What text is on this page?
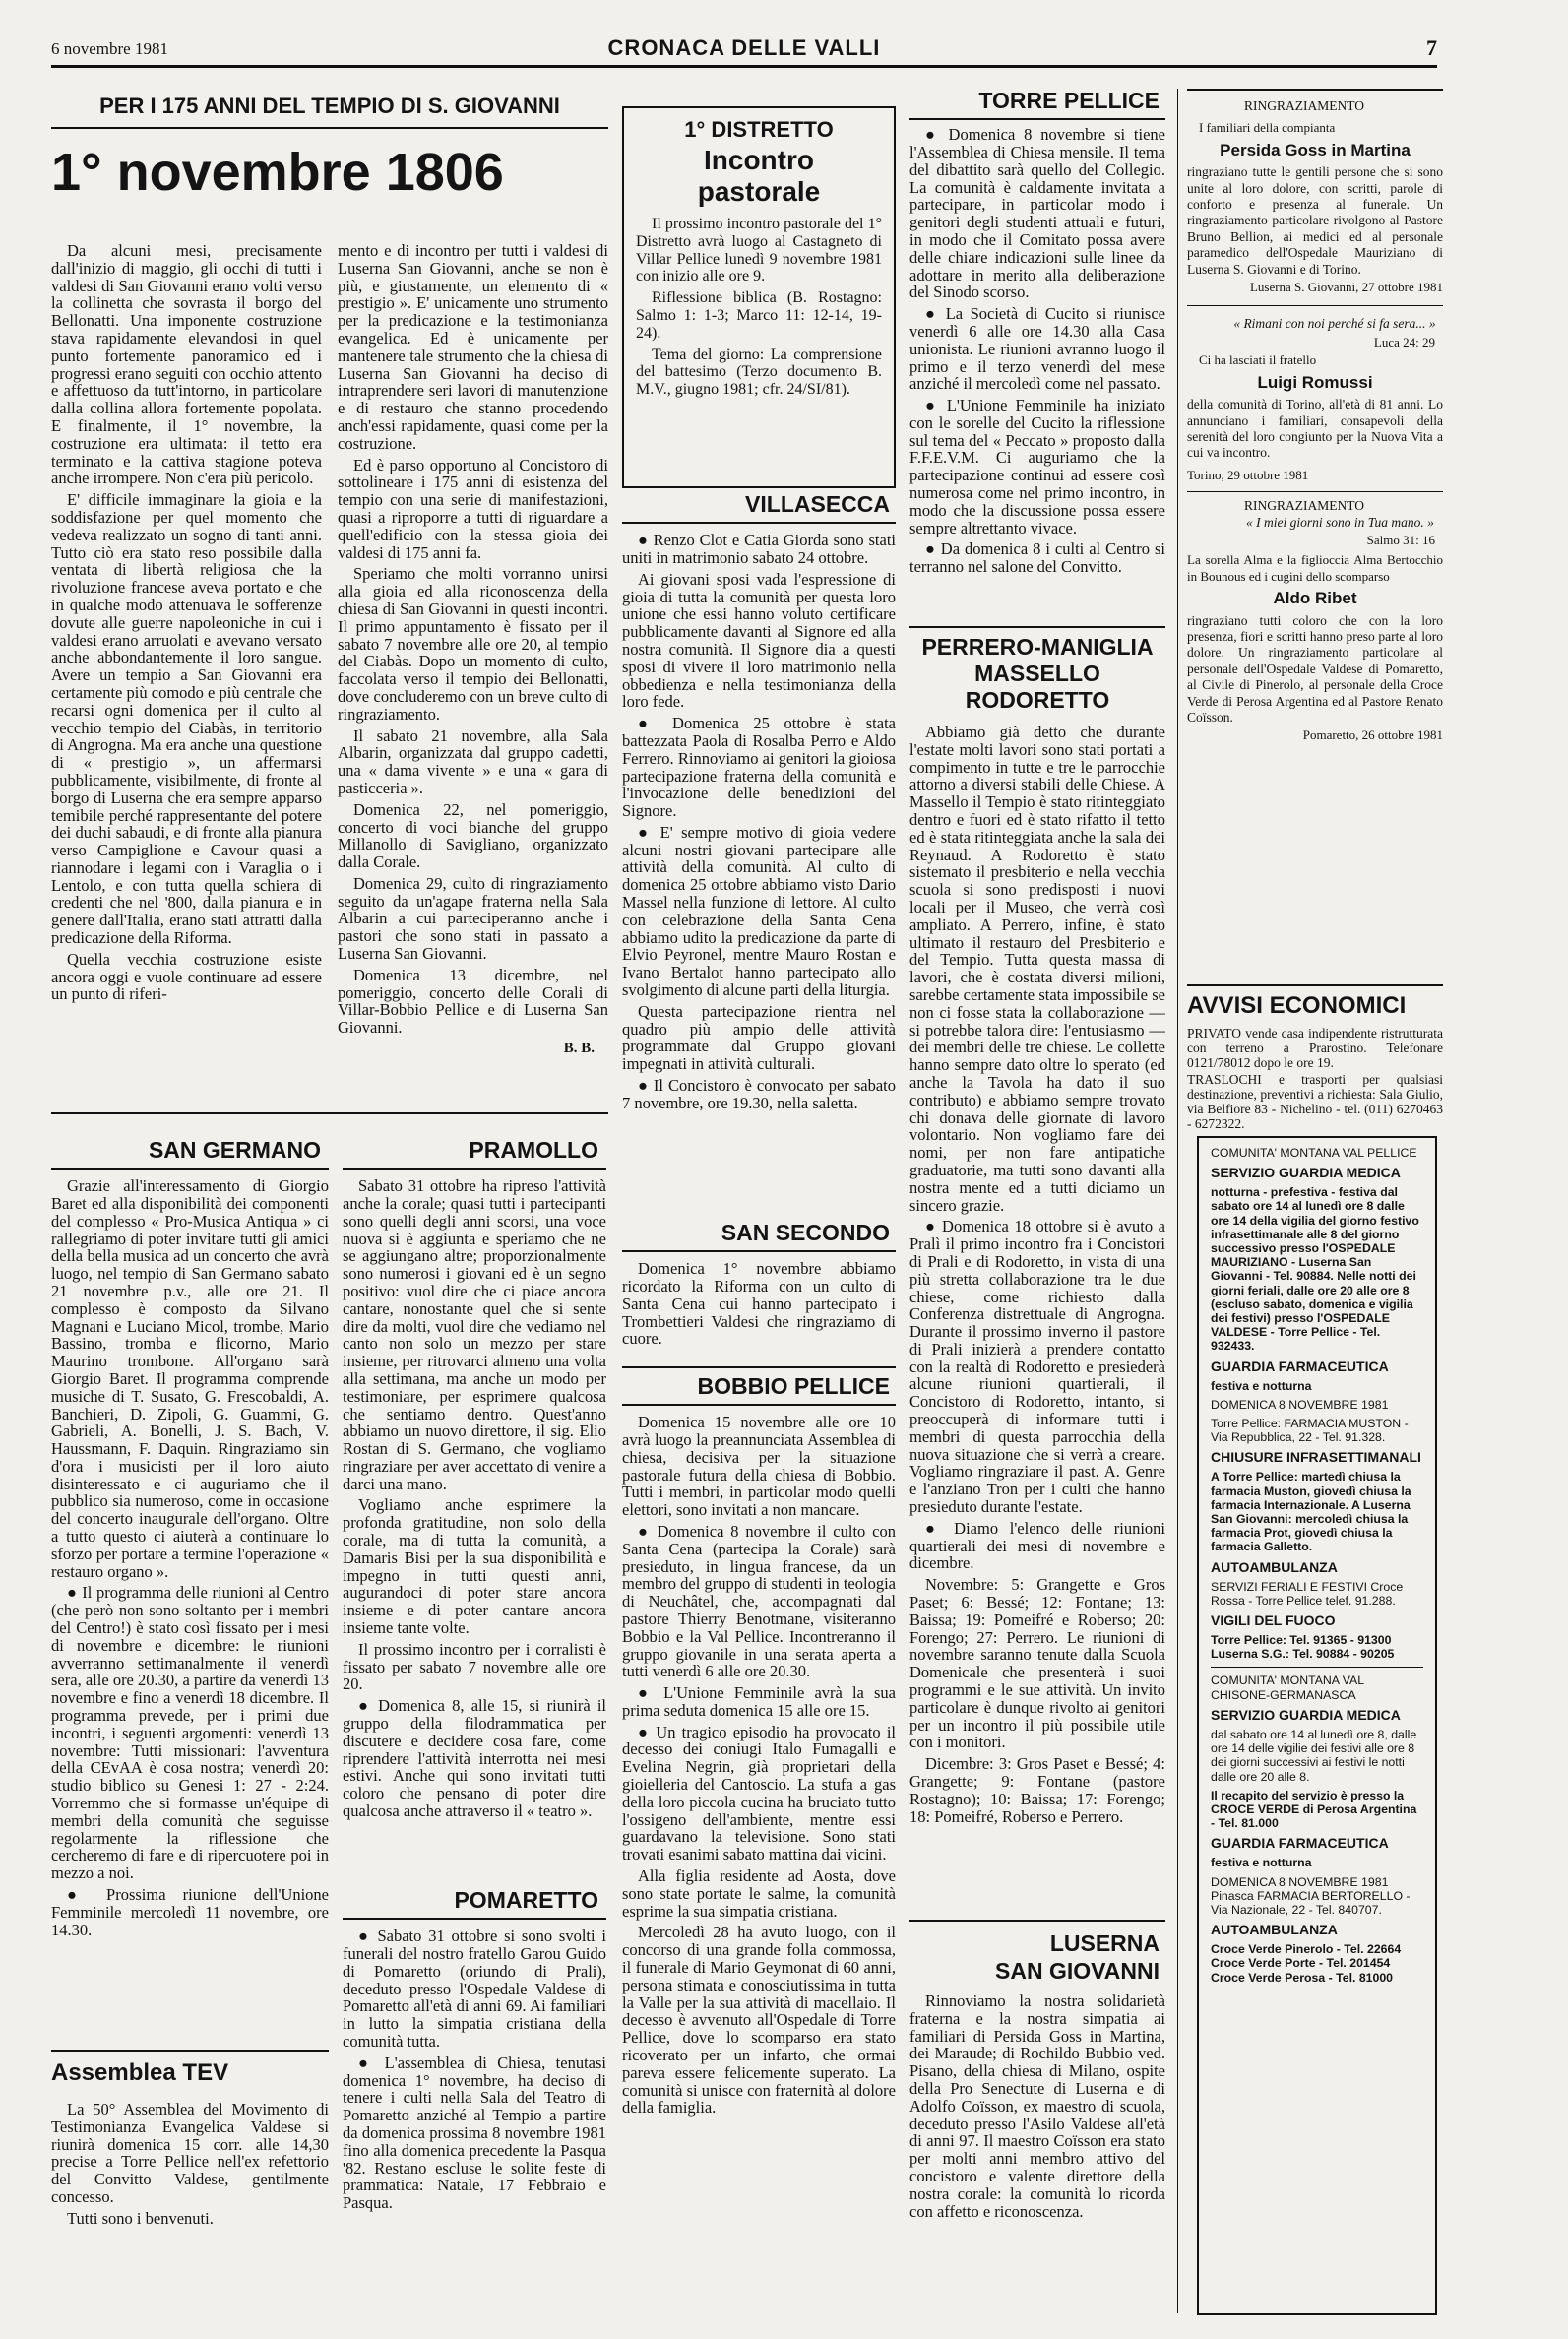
6 novembre 1981	CRONACA DELLE VALLI	7
PER I 175 ANNI DEL TEMPIO DI S. GIOVANNI
1° novembre 1806

Da alcuni mesi, precisamente dall'inizio di maggio, gli occhi di tutti i valdesi di San Giovanni erano volti verso la collinetta che sovrasta il borgo del Bellonatti. Una imponente costruzione stava rapidamente elevandosi in quel punto fortemente panoramico ed i progressi erano seguiti con occhio attento e affettuoso da tutt'intorno, in particolare dalla collina allora fortemente popolata. E finalmente, il 1° novembre, la costruzione era ultimata: il tetto era terminato e la cattiva stagione poteva anche irrompere. Non c'era più pericolo.

E' difficile immaginare la gioia e la soddisfazione per quel momento che vedeva realizzato un sogno di tanti anni. Tutto ciò era stato reso possibile dalla ventata di libertà religiosa che la rivoluzione francese aveva portato e che in qualche modo attenuava le sofferenze dovute alle guerre napoleoniche in cui i valdesi erano arruolati e avevano versato anche abbondantemente il loro sangue. Avere un tempio a San Giovanni era certamente più comodo e più centrale che recarsi ogni domenica per il culto al vecchio tempio del Ciabàs, in territorio di Angrogna. Ma era anche una questione di « prestigio », un affermarsi pubblicamente, visibilmente, di fronte al borgo di Luserna che era sempre apparso temibile perché rappresentante del potere dei duchi sabaudi, e di fronte alla pianura verso Campiglione e Cavour quasi a riannodare i legami con i Varaglia o i Lentolo, e con tutta quella schiera di credenti che nel '800, dalla pianura e in genere dall'Italia, erano stati attratti dalla predicazione della Riforma.

Quella vecchia costruzione esiste ancora oggi e vuole continuare ad essere un punto di riferi-

mento e di incontro per tutti i valdesi di Luserna San Giovanni, anche se non è più, e giustamente, un elemento di « prestigio ». E' unicamente uno strumento per la predicazione e la testimonianza evangelica. Ed è unicamente per mantenere tale strumento che la chiesa di Luserna San Giovanni ha deciso di intraprendere seri lavori di manutenzione e di restauro che stanno procedendo anch'essi rapidamente, quasi come per la costruzione.

Ed è parso opportuno al Concistoro di sottolineare i 175 anni di esistenza del tempio con una serie di manifestazioni, quasi a riproporre a tutti di riguardare a quell'edificio con la stessa gioia dei valdesi di 175 anni fa.

Speriamo che molti vorranno unirsi alla gioia ed alla riconoscenza della chiesa di San Giovanni in questi incontri. Il primo appuntamento è fissato per il sabato 7 novembre alle ore 20, al tempio del Ciabàs. Dopo un momento di culto, faccolata verso il tempio dei Bellonatti, dove concluderemo con un breve culto di ringraziamento.

Il sabato 21 novembre, alla Sala Albarin, organizzata dal gruppo cadetti, una « dama vivente » e una « gara di pasticceria ».

Domenica 22, nel pomeriggio, concerto di voci bianche del gruppo Millanollo di Savigliano, organizzato dalla Corale.

Domenica 29, culto di ringraziamento seguito da un'agape fraterna nella Sala Albarin a cui parteciperanno anche i pastori che sono stati in passato a Luserna San Giovanni.

Domenica 13 dicembre, nel pomeriggio, concerto delle Corali di Villar-Bobbio Pellice e di Luserna San Giovanni.

B. B.
1° DISTRETTO
Incontro
pastorale

Il prossimo incontro pastorale del 1° Distretto avrà luogo al Castagneto di Villar Pellice lunedì 9 novembre 1981 con inizio alle ore 9.

Riflessione biblica (B. Rostagno: Salmo 1: 1-3; Marco 11: 12-14, 19-24).

Tema del giorno: La comprensione del battesimo (Terzo documento B. M.V., giugno 1981; cfr. 24/SI/81).

VILLASECCA

● Renzo Clot e Catia Giorda sono stati uniti in matrimonio sabato 24 ottobre.

Ai giovani sposi vada l'espressione di gioia di tutta la comunità per questa loro unione che essi hanno voluto certificare pubblicamente davanti al Signore ed alla nostra comunità. Il Signore dia a questi sposi di vivere il loro matrimonio nella obbedienza e nella testimonianza della loro fede.

● Domenica 25 ottobre è stata battezzata Paola di Rosalba Perro e Aldo Ferrero. Rinnoviamo ai genitori la gioiosa partecipazione fraterna della comunità e l'invocazione delle benedizioni del Signore.

● E' sempre motivo di gioia vedere alcuni nostri giovani partecipare alle attività della comunità. Al culto di domenica 25 ottobre abbiamo visto Dario Massel nella funzione di lettore. Al culto con celebrazione della Santa Cena abbiamo udito la predicazione da parte di Elvio Peyronel, mentre Mauro Rostan e Ivano Bertalot hanno partecipato allo svolgimento di alcune parti della liturgia.

Questa partecipazione rientra nel quadro più ampio delle attività programmate dal Gruppo giovani impegnati in attività culturali.

● Il Concistoro è convocato per sabato 7 novembre, ore 19.30, nella saletta.

TORRE PELLICE

● Domenica 8 novembre si tiene l'Assemblea di Chiesa mensile. Il tema del dibattito sarà quello del Collegio. La comunità è caldamente invitata a partecipare, in particolar modo i genitori degli studenti attuali e futuri, in modo che il Comitato possa avere delle chiare indicazioni sulle linee da adottare in merito alla deliberazione del Sinodo scorso.

● La Società di Cucito si riunisce venerdì 6 alle ore 14.30 alla Casa unionista. Le riunioni avranno luogo il primo e il terzo venerdì del mese anziché il mercoledì come nel passato.

● L'Unione Femminile ha iniziato con le sorelle del Cucito la riflessione sul tema del « Peccato » proposto dalla F.F.E.V.M. Ci auguriamo che la partecipazione continui ad essere così numerosa come nel primo incontro, in modo che la discussione possa essere sempre altrettanto vivace.

● Da domenica 8 i culti al Centro si terranno nel salone del Convitto.

PERRERO-MANIGLIA
MASSELLO
RODORETTO

Abbiamo già detto che durante l'estate molti lavori sono stati portati a compimento in tutte e tre le parrocchie attorno a diversi stabili delle Chiese. A Massello il Tempio è stato ritinteggiato dentro e fuori ed è stato rifatto il tetto ed è stata ritinteggiata anche la sala dei Reynaud. A Rodoretto è stato sistemato il presbiterio e nella vecchia scuola si sono predisposti i nuovi locali per il Museo, che verrà così ampliato. A Perrero, infine, è stato ultimato il restauro del Presbiterio e del Tempio. Tutta questa massa di lavori, che è costata diversi milioni, sarebbe certamente stata impossibile se non ci fosse stata la collaborazione — si potrebbe talora dire: l'entusiasmo — dei membri delle tre chiese. Le collette hanno sempre dato oltre lo sperato (ed anche la Tavola ha dato il suo contributo) e abbiamo sempre trovato chi donava delle giornate di lavoro volontario. Non vogliamo fare dei nomi, per non fare antipatiche graduatorie, ma tutti sono davanti alla nostra mente ed a tutti diciamo un sincero grazie.

● Domenica 18 ottobre si è avuto a Pralì il primo incontro fra i Concistori di Prali e di Rodoretto, in vista di una più stretta collaborazione tra le due chiese, come richiesto dalla Conferenza distrettuale di Angrogna. Durante il prossimo inverno il pastore di Prali inizierà a prendere contatto con la realtà di Rodoretto e presiederà alcune riunioni quartierali, il Concistoro di Rodoretto, intanto, si preoccuperà di informare tutti i membri di questa parrocchia della nuova situazione che si verrà a creare. Vogliamo ringraziare il past. A. Genre e l'anziano Tron per i culti che hanno presieduto durante l'estate.

● Diamo l'elenco delle riunioni quartierali dei mesi di novembre e dicembre.

Novembre: 5: Grangette e Gros Paset; 6: Bessé; 12: Fontane; 13: Baissa; 19: Pomeifré e Roberso; 20: Forengo; 27: Perrero. Le riunioni di novembre saranno tenute dalla Scuola Domenicale che presenterà i suoi programmi e le sue attività. Un invito particolare è dunque rivolto ai genitori per un incontro il più possibile utile con i monitori.

Dicembre: 3: Gros Paset e Bessé; 4: Grangette; 9: Fontane (pastore Rostagno); 10: Baissa; 17: Forengo; 18: Pomeifré, Roberso e Perrero.

LUSERNA
SAN GIOVANNI

Rinnoviamo la nostra solidarietà fraterna e la nostra simpatia ai familiari di Persida Goss in Martina, dei Maraude; di Rochildo Bubbio ved. Pisano, della chiesa di Milano, ospite della Pro Senectute di Luserna e di Adolfo Coïsson, ex maestro di scuola, deceduto presso l'Asilo Valdese all'età di anni 97. Il maestro Coïsson era stato per molti anni membro attivo del concistoro e valente direttore della nostra corale: la comunità lo ricorda con affetto e riconoscenza.

SAN GERMANO

Grazie all'interessamento di Giorgio Baret ed alla disponibilità dei componenti del complesso « Pro-Musica Antiqua » ci rallegriamo di poter invitare tutti gli amici della bella musica ad un concerto che avrà luogo, nel tempio di San Germano sabato 21 novembre p.v., alle ore 21. Il complesso è composto da Silvano Magnani e Luciano Micol, trombe, Mario Bassino, tromba e flicorno, Mario Maurino trombone. All'organo sarà Giorgio Baret. Il programma comprende musiche di T. Susato, G. Frescobaldi, A. Banchieri, D. Zipoli, G. Guammi, G. Gabrieli, A. Bonelli, J. S. Bach, V. Haussmann, F. Daquin. Ringraziamo sin d'ora i musicisti per il loro aiuto disinteressato e ci auguriamo che il pubblico sia numeroso, come in occasione del concerto inaugurale dell'organo. Oltre a tutto questo ci aiuterà a continuare lo sforzo per portare a termine l'operazione « restauro organo ».

● Il programma delle riunioni al Centro (che però non sono soltanto per i membri del Centro!) è stato così fissato per i mesi di novembre e dicembre: le riunioni avverranno settimanalmente il venerdì sera, alle ore 20.30, a partire da venerdì 13 novembre e fino a venerdì 18 dicembre. Il programma prevede, per i primi due incontri, i seguenti argomenti: venerdì 13 novembre: Tutti missionari: l'avventura della CEvAA è cosa nostra; venerdì 20: studio biblico su Genesi 1: 27 - 2:24. Vorremmo che si formasse un'équipe di membri della comunità che seguisse regolarmente la riflessione che cercheremo di fare e di ripercuotere poi in mezzo a noi.

● Prossima riunione dell'Unione Femminile mercoledì 11 novembre, ore 14.30.

Assemblea TEV

La 50° Assemblea del Movimento di Testimonianza Evangelica Valdese si riunirà domenica 15 corr. alle 14,30 precise a Torre Pellice nell'ex refettorio del Convitto Valdese, gentilmente concesso.

Tutti sono i benvenuti.

PRAMOLLO

Sabato 31 ottobre ha ripreso l'attività anche la corale; quasi tutti i partecipanti sono quelli degli anni scorsi, una voce nuova si è aggiunta e speriamo che ne se aggiungano altre; proporzionalmente sono numerosi i giovani ed è un segno positivo: vuol dire che ci piace ancora cantare, nonostante quel che si sente dire da molti, vuol dire che vediamo nel canto non solo un mezzo per stare insieme, per ritrovarci almeno una volta alla settimana, ma anche un modo per testimoniare, per esprimere qualcosa che sentiamo dentro. Quest'anno abbiamo un nuovo direttore, il sig. Elio Rostan di S. Germano, che vogliamo ringraziare per aver accettato di venire a darci una mano.

Vogliamo anche esprimere la profonda gratitudine, non solo della corale, ma di tutta la comunità, a Damaris Bisi per la sua disponibilità e impegno in tutti questi anni, augurandoci di poter stare ancora insieme e di poter cantare ancora insieme tante volte.

Il prossimo incontro per i corralisti è fissato per sabato 7 novembre alle ore 20.

● Domenica 8, alle 15, si riunirà il gruppo della filodrammatica per discutere e decidere cosa fare, come riprendere l'attività interrotta nei mesi estivi. Anche qui sono invitati tutti coloro che pensano di poter dire qualcosa anche attraverso il « teatro ».

POMARETTO

● Sabato 31 ottobre si sono svolti i funerali del nostro fratello Garou Guido di Pomaretto (oriundo di Prali), deceduto presso l'Ospedale Valdese di Pomaretto all'età di anni 69. Ai familiari in lutto la simpatia cristiana della comunità tutta.

● L'assemblea di Chiesa, tenutasi domenica 1° novembre, ha deciso di tenere i culti nella Sala del Teatro di Pomaretto anziché al Tempio a partire da domenica prossima 8 novembre 1981 fino alla domenica precedente la Pasqua '82. Restano escluse le solite feste di prammatica: Natale, 17 Febbraio e Pasqua.

SAN SECONDO

Domenica 1° novembre abbiamo ricordato la Riforma con un culto di Santa Cena cui hanno partecipato i Trombettieri Valdesi che ringraziamo di cuore.

BOBBIO PELLICE

Domenica 15 novembre alle ore 10 avrà luogo la preannunciata Assemblea di chiesa, decisiva per la situazione pastorale futura della chiesa di Bobbio. Tutti i membri, in particolar modo quelli elettori, sono invitati a non mancare.

● Domenica 8 novembre il culto con Santa Cena (partecipa la Corale) sarà presieduto, in lingua francese, da un membro del gruppo di studenti in teologia di Neuchâtel, che, accompagnati dal pastore Thierry Benotmane, visiteranno Bobbio e la Val Pellice. Incontreranno il gruppo giovanile in una serata aperta a tutti venerdì 6 alle ore 20.30.

● L'Unione Femminile avrà la sua prima seduta domenica 15 alle ore 15.

● Un tragico episodio ha provocato il decesso dei coniugi Italo Fumagalli e Evelina Negrin, già proprietari della gioielleria del Cantoscio. La stufa a gas della loro piccola cucina ha bruciato tutto l'ossigeno dell'ambiente, mentre essi guardavano la televisione. Sono stati trovati esanimi sabato mattina dai vicini.

Alla figlia residente ad Aosta, dove sono state portate le salme, la comunità esprime la sua simpatia cristiana.

Mercoledì 28 ha avuto luogo, con il concorso di una grande folla commossa, il funerale di Mario Geymonat di 60 anni, persona stimata e conosciutissima in tutta la Valle per la sua attività di macellaio. Il decesso è avvenuto all'Ospedale di Torre Pellice, dove lo scomparso era stato ricoverato per un infarto, che ormai pareva essere felicemente superato. La comunità si unisce con fraternità al dolore della famiglia.

RINGRAZIAMENTO
I familiari della compianta
Persida Goss in Martina
ringraziano tutte le gentili persone che si sono unite al loro dolore, con scritti, parole di conforto e presenza al funerale. Un ringraziamento particolare rivolgono al Pastore Bruno Bellion, ai medici ed al personale paramedico dell'Ospedale Mauriziano di Luserna S. Giovanni e di Torino.
Luserna S. Giovanni, 27 ottobre 1981
« Rimani con noi perché si fa sera... »
Luca 24: 29
Ci ha lasciati il fratello
Luigi Romussi
della comunità di Torino, all'età di 81 anni. Lo annunciano i familiari, consapevoli della serenità del loro congiunto per la Nuova Vita a cui va incontro.
Torino, 29 ottobre 1981
RINGRAZIAMENTO
« I miei giorni sono in Tua mano. »
Salmo 31: 16
La sorella Alma e la figlioccia Alma Bertocchio in Bounous ed i cugini dello scomparso
Aldo Ribet
ringraziano tutti coloro che con la loro presenza, fiori e scritti hanno preso parte al loro dolore. Un ringraziamento particolare al personale dell'Ospedale Valdese di Pomaretto, al Civile di Pinerolo, al personale della Croce Verde di Perosa Argentina ed al Pastore Renato Coïsson.
Pomaretto, 26 ottobre 1981
AVVISI ECONOMICI
PRIVATO vende casa indipendente ristrutturata con terreno a Prarostino. Telefonare 0121/78012 dopo le ore 19.
TRASLOCHI e trasporti per qualsiasi destinazione, preventivi a richiesta: Sala Giulio, via Belfiore 83 - Nichelino - tel. (011) 6270463 - 6272322.

COMUNITA' MONTANA VAL PELLICE

SERVIZIO GUARDIA MEDICA

notturna - prefestiva - festiva dal sabato ore 14 al lunedì ore 8 dalle ore 14 della vigilia del giorno festivo infrasettimanale alle 8 del giorno successivo presso l'OSPEDALE MAURIZIANO - Luserna San Giovanni - Tel. 90884. Nelle notti dei giorni feriali, dalle ore 20 alle ore 8 (escluso sabato, domenica e vigilia dei festivi) presso l'OSPEDALE VALDESE - Torre Pellice - Tel. 932433.

GUARDIA FARMACEUTICA

festiva e notturna

DOMENICA 8 NOVEMBRE 1981

Torre Pellice: FARMACIA MUSTON - Via Repubblica, 22 - Tel. 91.328.

CHIUSURE INFRASETTIMANALI

A Torre Pellice: martedì chiusa la farmacia Muston, giovedì chiusa la farmacia Internazionale. A Luserna San Giovanni: mercoledì chiusa la farmacia Prot, giovedì chiusa la farmacia Galletto.

AUTOAMBULANZA

SERVIZI FERIALI E FESTIVI Croce Rossa - Torre Pellice telef. 91.288.

VIGILI DEL FUOCO

Torre Pellice: Tel. 91365 - 91300 Luserna S.G.: Tel. 90884 - 90205

COMUNITA' MONTANA VAL CHISONE-GERMANASCA

SERVIZIO GUARDIA MEDICA

dal sabato ore 14 al lunedì ore 8, dalle ore 14 delle vigilie dei festivi alle ore 8 dei giorni successivi ai festivi le notti dalle ore 20 alle 8.

Il recapito del servizio è presso la CROCE VERDE di Perosa Argentina - Tel. 81.000

GUARDIA FARMACEUTICA

festiva e notturna

DOMENICA 8 NOVEMBRE 1981 Pinasca FARMACIA BERTORELLO - Via Nazionale, 22 - Tel. 840707.

AUTOAMBULANZA

Croce Verde Pinerolo - Tel. 22664 Croce Verde Porte - Tel. 201454 Croce Verde Perosa - Tel. 81000
